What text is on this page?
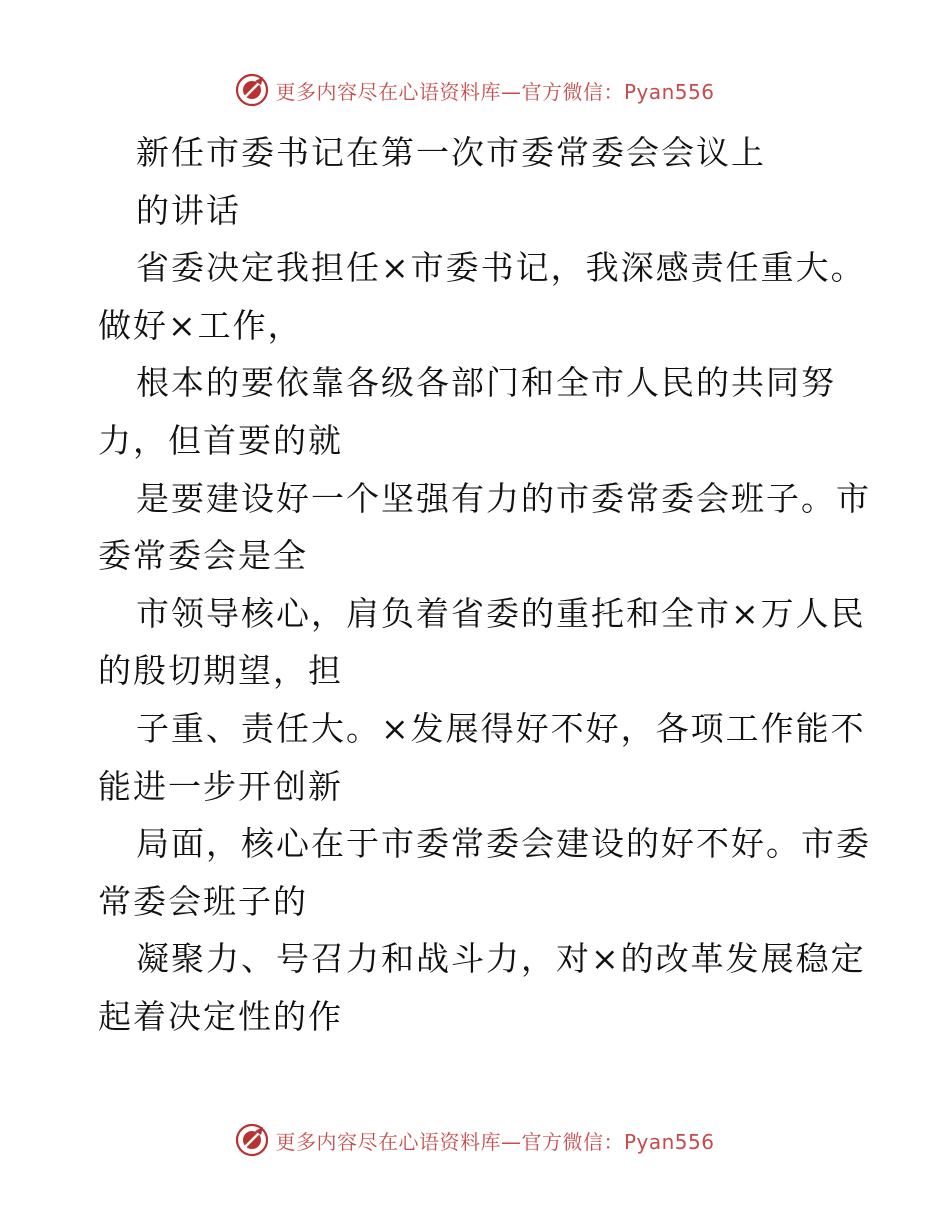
更多内容尽在心语资料库—官方微信：Pyan556
新任市委书记在第一次市委常委会会议上
的讲话
省委决定我担任×市委书记，我深感责任重大。
做好×工作，
根本的要依靠各级各部门和全市人民的共同努
力，但首要的就
是要建设好一个坚强有力的市委常委会班子。市
委常委会是全
市领导核心，肩负着省委的重托和全市×万人民
的殷切期望，担
子重、责任大。×发展得好不好，各项工作能不
能进一步开创新
局面，核心在于市委常委会建设的好不好。市委
常委会班子的
凝聚力、号召力和战斗力，对×的改革发展稳定
起着决定性的作
更多内容尽在心语资料库—官方微信：Pyan556
